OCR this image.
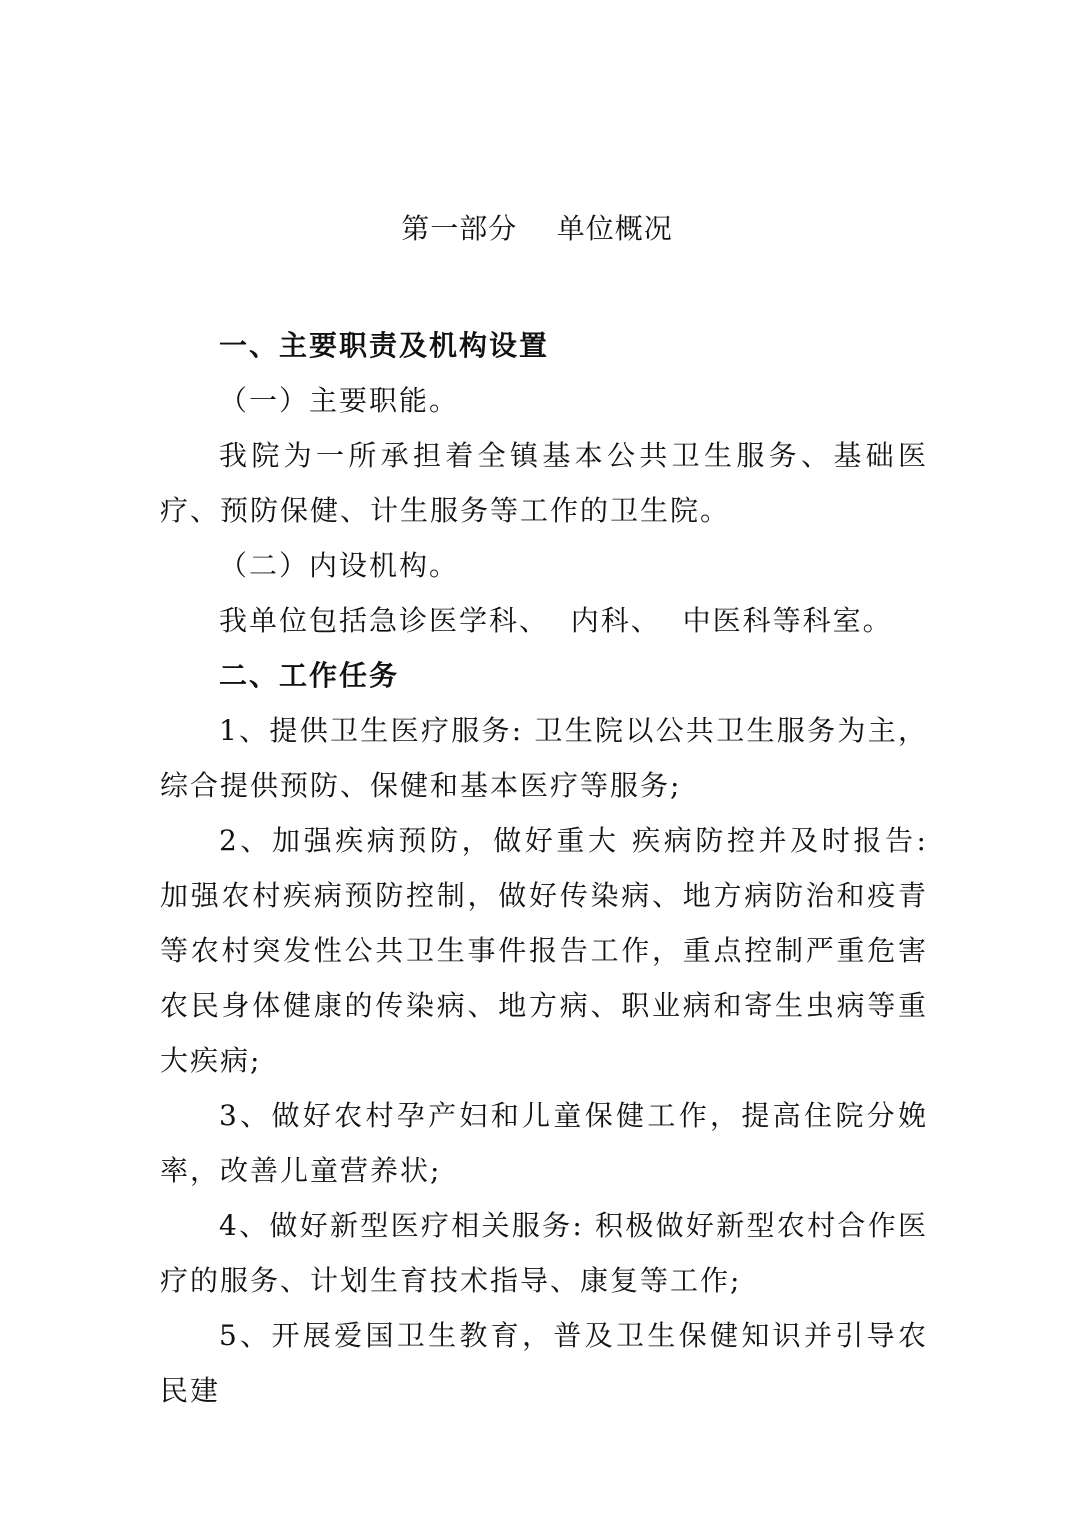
第一部分    单位概况

一、主要职责及机构设置

（一）主要职能。

我院为一所承担着全镇基本公共卫生服务、基础医疗、预防保健、计生服务等工作的卫生院。

（二）内设机构。

我单位包括急诊医学科、  内科、  中医科等科室。

二、工作任务

1、提供卫生医疗服务: 卫生院以公共卫生服务为主，综合提供预防、保健和基本医疗等服务;

2、加强疾病预防，做好重大 疾病防控并及时报告: 加强农村疾病预防控制，做好传染病、地方病防治和疫青等农村突发性公共卫生事件报告工作，重点控制严重危害农民身体健康的传染病、地方病、职业病和寄生虫病等重大疾病;

3、做好农村孕产妇和儿童保健工作，提高住院分娩率，改善儿童营养状;

4、做好新型医疗相关服务: 积极做好新型农村合作医疗的服务、计划生育技术指导、康复等工作;

5、开展爱国卫生教育，普及卫生保健知识并引导农民建
